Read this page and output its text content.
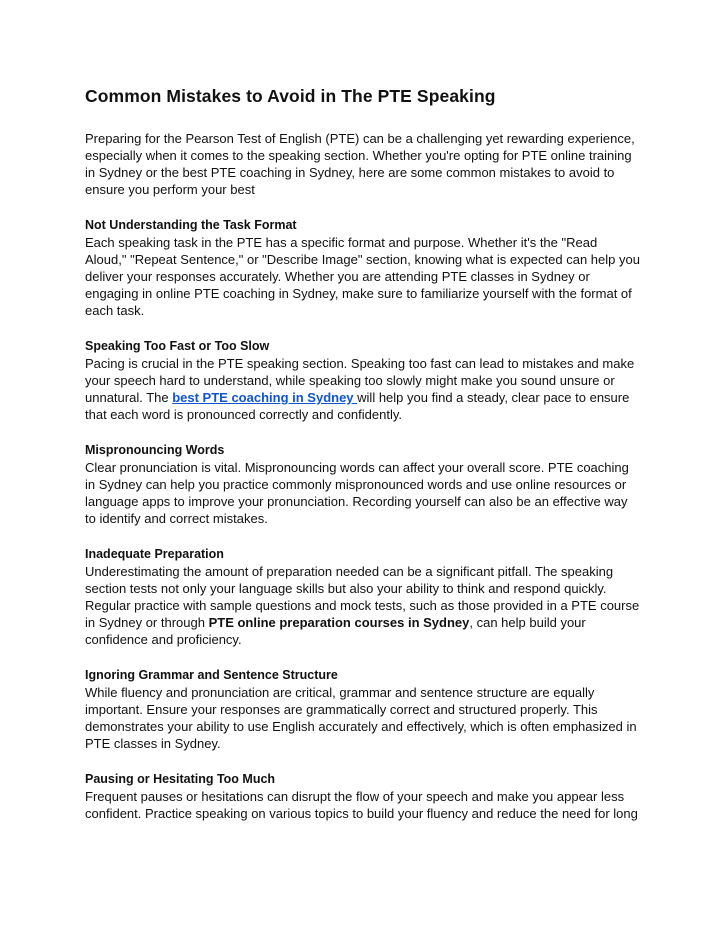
Common Mistakes to Avoid in The PTE Speaking

Preparing for the Pearson Test of English (PTE) can be a challenging yet rewarding experience, especially when it comes to the speaking section. Whether you're opting for PTE online training in Sydney or the best PTE coaching in Sydney, here are some common mistakes to avoid to ensure you perform your best

Not Understanding the Task Format

Each speaking task in the PTE has a specific format and purpose. Whether it's the "Read Aloud," "Repeat Sentence," or "Describe Image" section, knowing what is expected can help you deliver your responses accurately. Whether you are attending PTE classes in Sydney or engaging in online PTE coaching in Sydney, make sure to familiarize yourself with the format of each task.

Speaking Too Fast or Too Slow

Pacing is crucial in the PTE speaking section. Speaking too fast can lead to mistakes and make your speech hard to understand, while speaking too slowly might make you sound unsure or unnatural. The best PTE coaching in Sydney will help you find a steady, clear pace to ensure that each word is pronounced correctly and confidently.

Mispronouncing Words

Clear pronunciation is vital. Mispronouncing words can affect your overall score. PTE coaching in Sydney can help you practice commonly mispronounced words and use online resources or language apps to improve your pronunciation. Recording yourself can also be an effective way to identify and correct mistakes.

Inadequate Preparation

Underestimating the amount of preparation needed can be a significant pitfall. The speaking section tests not only your language skills but also your ability to think and respond quickly. Regular practice with sample questions and mock tests, such as those provided in a PTE course in Sydney or through PTE online preparation courses in Sydney, can help build your confidence and proficiency.

Ignoring Grammar and Sentence Structure

While fluency and pronunciation are critical, grammar and sentence structure are equally important. Ensure your responses are grammatically correct and structured properly. This demonstrates your ability to use English accurately and effectively, which is often emphasized in PTE classes in Sydney.

Pausing or Hesitating Too Much

Frequent pauses or hesitations can disrupt the flow of your speech and make you appear less confident. Practice speaking on various topics to build your fluency and reduce the need for long
